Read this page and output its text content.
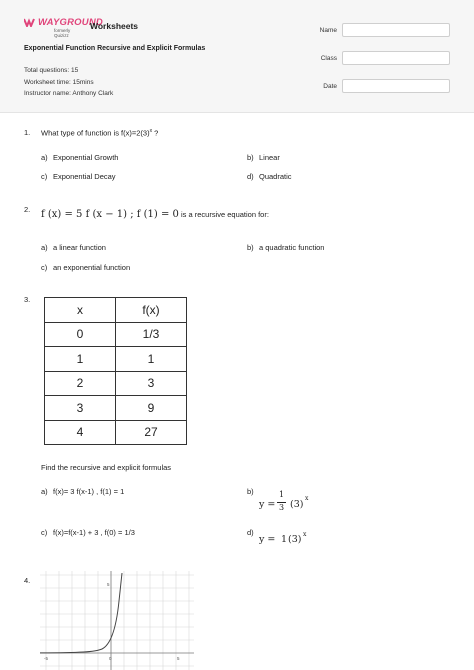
WAYGROUND
formerly Quizizz
Worksheets
Exponential Function Recursive and Explicit Formulas
Total questions: 15
Worksheet time: 15mins
Instructor name: Anthony Clark
Name
Class
Date
1. What type of function is $f(x)=2(3)^x$ ?
a) Exponential Growth	b) Linear
c) Exponential Decay	d) Quadratic
2. f (x) = 5 f (x − 1) ; f (1) = 0 is a recursive equation for:
a) a linear function	b) a quadratic function
c) an exponential function
3.
x	f(x)
0	1/3
1	1
2	3
3	9
4	27
Find the recursive and explicit formulas
a) f(x)= 3 f(x-1) , f(1) = 1	b)
y =
1
3 (3)
x
c) f(x)=f(x-1) + 3 , f(0) = 1/3	d)
y = 1 (3) x
4.
-5	0	5
5
